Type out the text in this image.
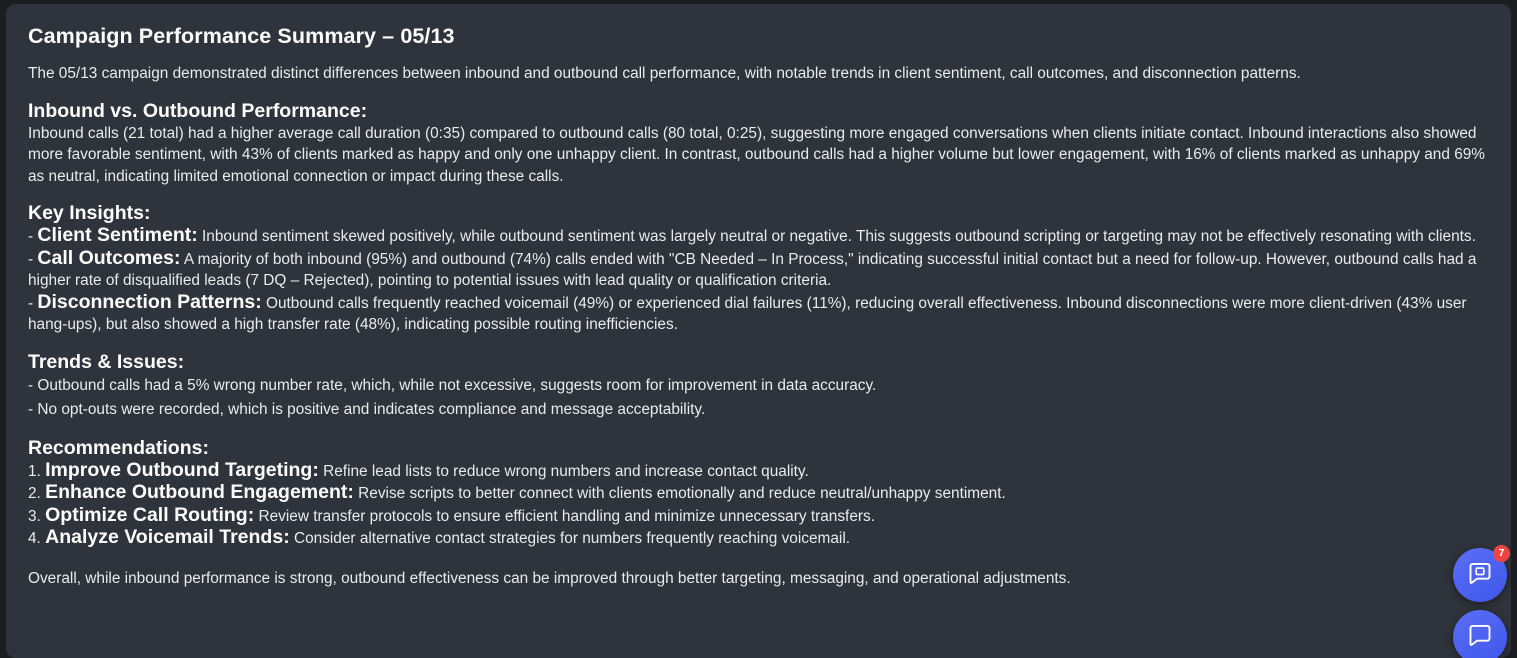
Campaign Performance Summary – 05/13

The 05/13 campaign demonstrated distinct differences between inbound and outbound call performance, with notable trends in client sentiment, call outcomes, and disconnection patterns.

Inbound vs. Outbound Performance:

Inbound calls (21 total) had a higher average call duration (0:35) compared to outbound calls (80 total, 0:25), suggesting more engaged conversations when clients initiate contact. Inbound interactions also showed more favorable sentiment, with 43% of clients marked as happy and only one unhappy client. In contrast, outbound calls had a higher volume but lower engagement, with 16% of clients marked as unhappy and 69% as neutral, indicating limited emotional connection or impact during these calls.

Key Insights:

- Client Sentiment: Inbound sentiment skewed positively, while outbound sentiment was largely neutral or negative. This suggests outbound scripting or targeting may not be effectively resonating with clients.

- Call Outcomes: A majority of both inbound (95%) and outbound (74%) calls ended with "CB Needed – In Process," indicating successful initial contact but a need for follow-up. However, outbound calls had a higher rate of disqualified leads (7 DQ – Rejected), pointing to potential issues with lead quality or qualification criteria.

- Disconnection Patterns: Outbound calls frequently reached voicemail (49%) or experienced dial failures (11%), reducing overall effectiveness. Inbound disconnections were more client-driven (43% user hang-ups), but also showed a high transfer rate (48%), indicating possible routing inefficiencies.

Trends & Issues:
- Outbound calls had a 5% wrong number rate, which, while not excessive, suggests room for improvement in data accuracy.
- No opt-outs were recorded, which is positive and indicates compliance and message acceptability.
Recommendations:

1. Improve Outbound Targeting: Refine lead lists to reduce wrong numbers and increase contact quality.

2. Enhance Outbound Engagement: Revise scripts to better connect with clients emotionally and reduce neutral/unhappy sentiment.

3. Optimize Call Routing: Review transfer protocols to ensure efficient handling and minimize unnecessary transfers.

4. Analyze Voicemail Trends: Consider alternative contact strategies for numbers frequently reaching voicemail.

Overall, while inbound performance is strong, outbound effectiveness can be improved through better targeting, messaging, and operational adjustments.

7
